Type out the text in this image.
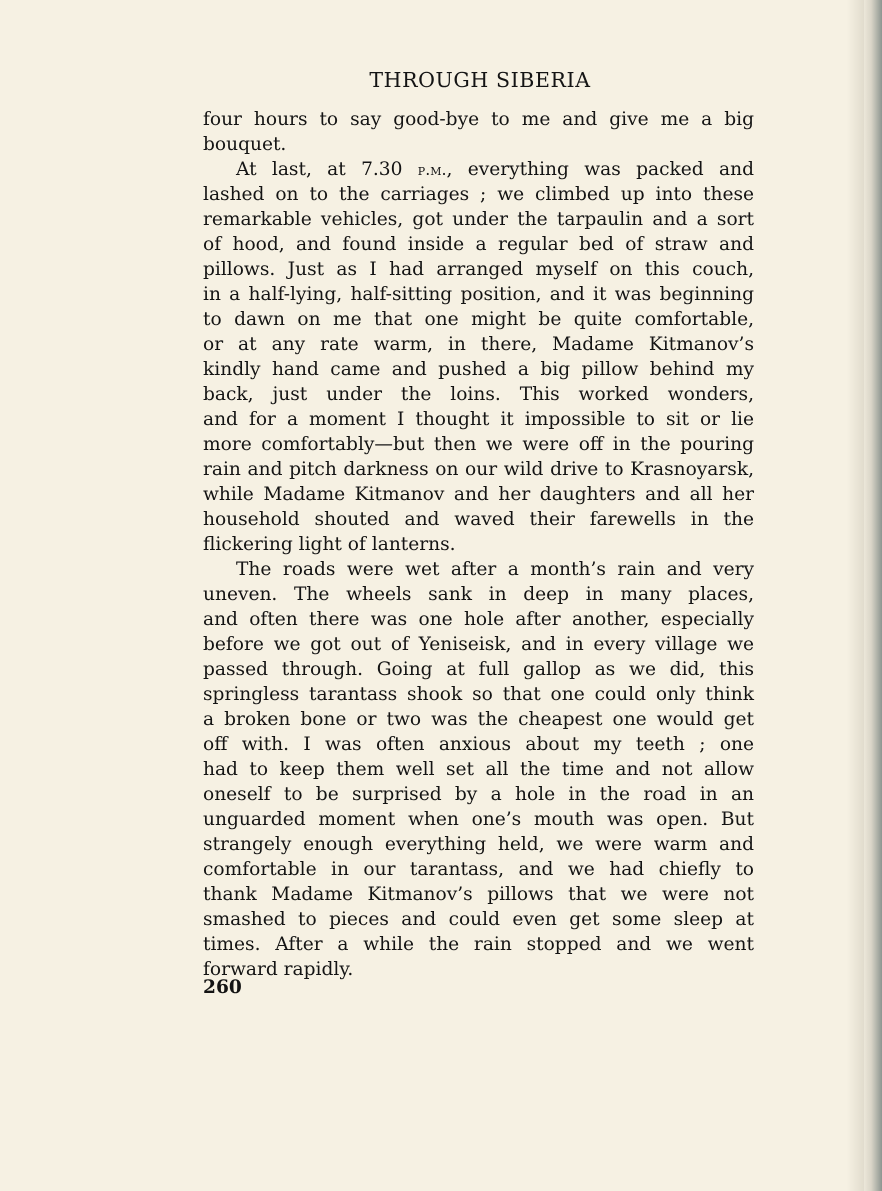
THROUGH SIBERIA
four hours to say good-bye to me and give me a big
bouquet.
At last, at 7.30 p.m., everything was packed and
lashed on to the carriages ; we climbed up into these
remarkable vehicles, got under the tarpaulin and a sort
of hood, and found inside a regular bed of straw and
pillows. Just as I had arranged myself on this couch,
in a half-lying, half-sitting position, and it was beginning
to dawn on me that one might be quite comfortable,
or at any rate warm, in there, Madame Kitmanov’s
kindly hand came and pushed a big pillow behind my
back, just under the loins. This worked wonders,
and for a moment I thought it impossible to sit or lie
more comfortably—but then we were off in the pouring
rain and pitch darkness on our wild drive to Krasnoyarsk,
while Madame Kitmanov and her daughters and all her
household shouted and waved their farewells in the
flickering light of lanterns.
The roads were wet after a month’s rain and very
uneven. The wheels sank in deep in many places,
and often there was one hole after another, especially
before we got out of Yeniseisk, and in every village we
passed through. Going at full gallop as we did, this
springless tarantass shook so that one could only think
a broken bone or two was the cheapest one would get
off with. I was often anxious about my teeth ; one
had to keep them well set all the time and not allow
oneself to be surprised by a hole in the road in an
unguarded moment when one’s mouth was open. But
strangely enough everything held, we were warm and
comfortable in our tarantass, and we had chiefly to
thank Madame Kitmanov’s pillows that we were not
smashed to pieces and could even get some sleep at
times. After a while the rain stopped and we went
forward rapidly.
260
